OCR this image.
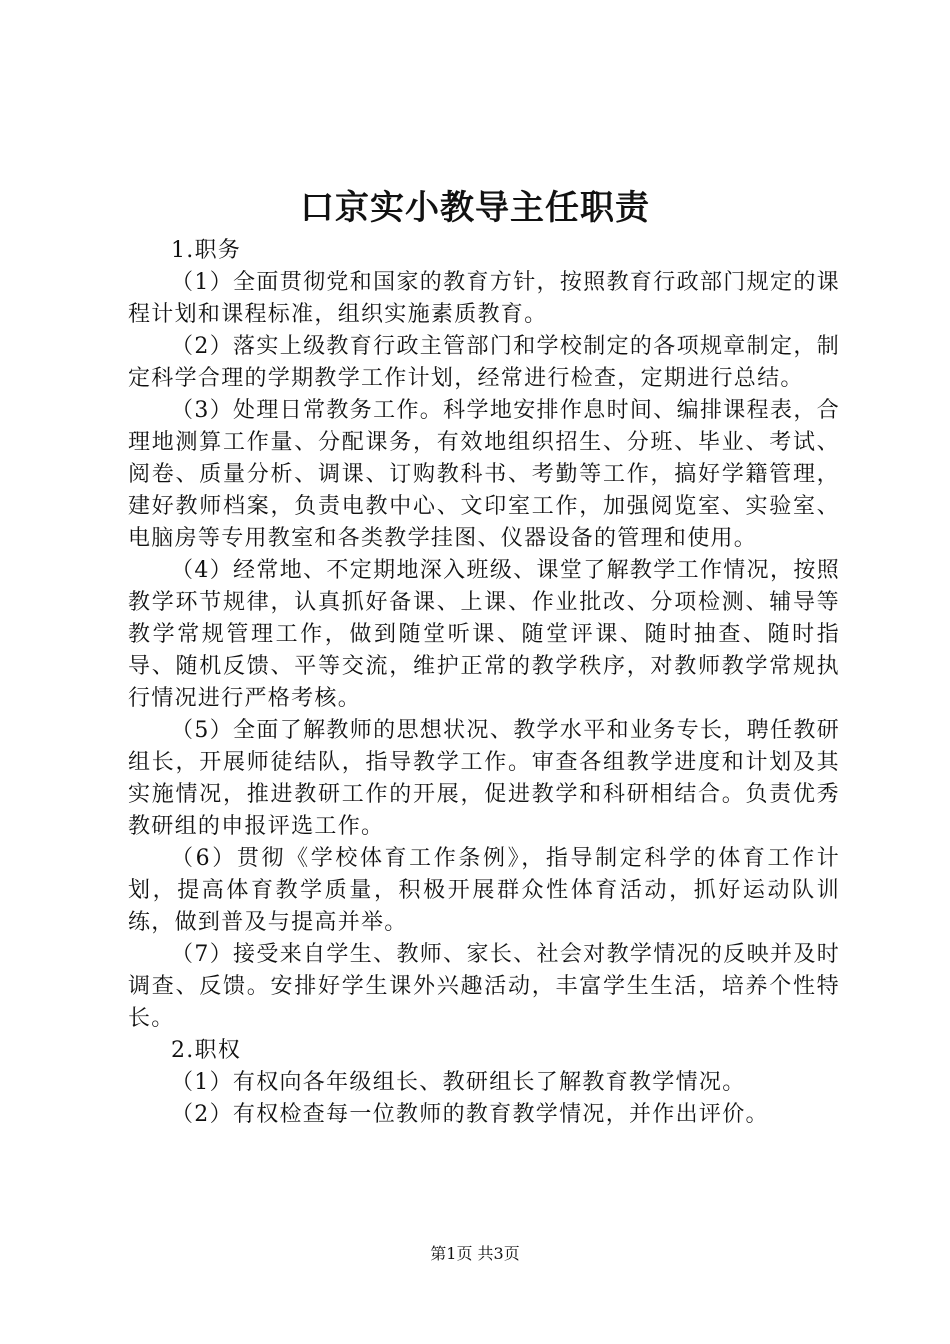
口京实小教导主任职责

1.职务

（1）全面贯彻党和国家的教育方针，按照教育行政部门规定的课程计划和课程标准，组织实施素质教育。

（2）落实上级教育行政主管部门和学校制定的各项规章制定，制定科学合理的学期教学工作计划，经常进行检查，定期进行总结。

（3）处理日常教务工作。科学地安排作息时间、编排课程表，合理地测算工作量、分配课务，有效地组织招生、分班、毕业、考试、阅卷、质量分析、调课、订购教科书、考勤等工作，搞好学籍管理，建好教师档案，负责电教中心、文印室工作，加强阅览室、实验室、电脑房等专用教室和各类教学挂图、仪器设备的管理和使用。

（4）经常地、不定期地深入班级、课堂了解教学工作情况，按照教学环节规律，认真抓好备课、上课、作业批改、分项检测、辅导等教学常规管理工作，做到随堂听课、随堂评课、随时抽查、随时指导、随机反馈、平等交流，维护正常的教学秩序，对教师教学常规执行情况进行严格考核。

（5）全面了解教师的思想状况、教学水平和业务专长，聘任教研组长，开展师徒结队，指导教学工作。审查各组教学进度和计划及其实施情况，推进教研工作的开展，促进教学和科研相结合。负责优秀教研组的申报评选工作。

（6）贯彻《学校体育工作条例》，指导制定科学的体育工作计划，提高体育教学质量，积极开展群众性体育活动，抓好运动队训练，做到普及与提高并举。

（7）接受来自学生、教师、家长、社会对教学情况的反映并及时调查、反馈。安排好学生课外兴趣活动，丰富学生生活，培养个性特长。

2.职权

（1）有权向各年级组长、教研组长了解教育教学情况。

（2）有权检查每一位教师的教育教学情况，并作出评价。

第1页 共3页
